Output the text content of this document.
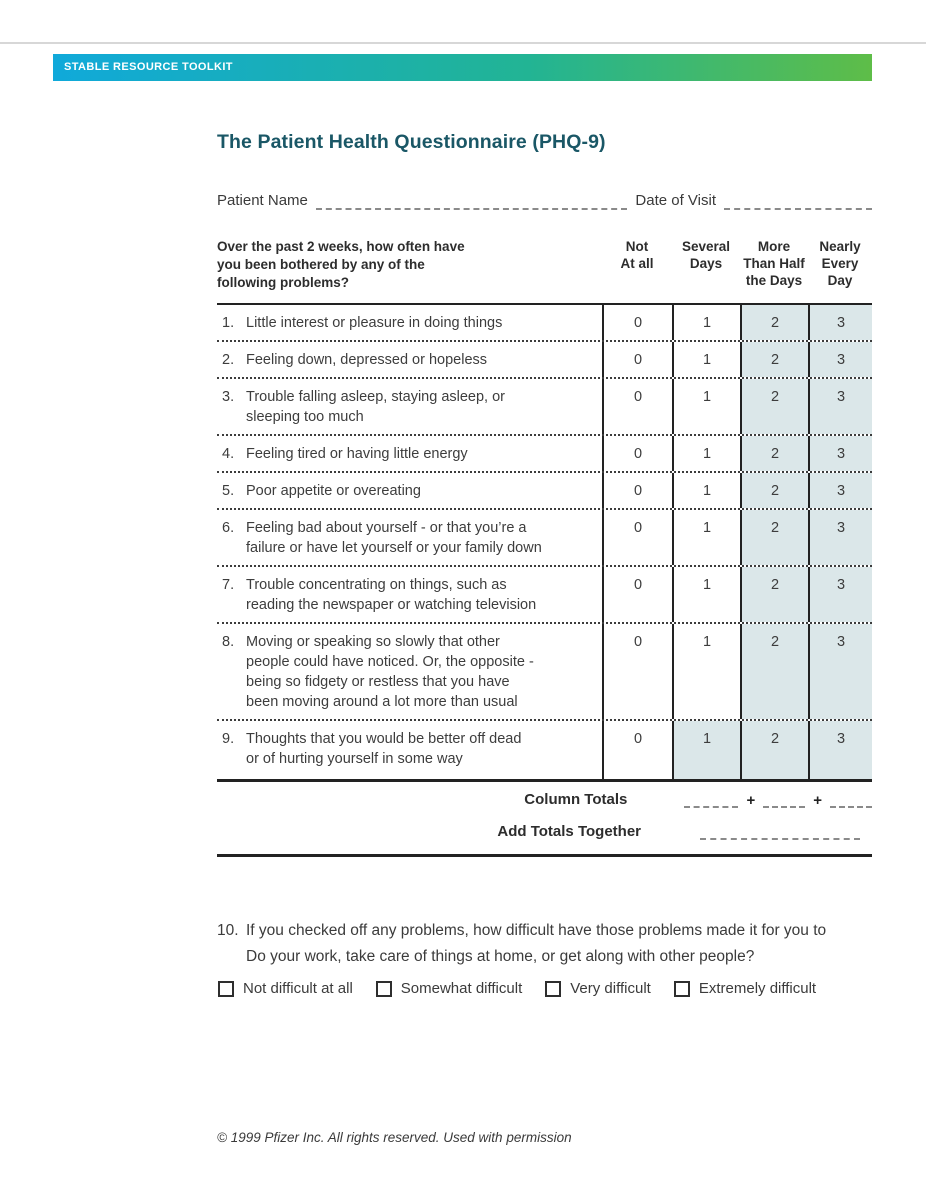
STABLE RESOURCE TOOLKIT
The Patient Health Questionnaire (PHQ-9)
Patient Name	Date of Visit
Over the past 2 weeks, how often have
you been bothered by any of the
following problems?
Not
At all
Several
Days
More
Than Half
the Days
Nearly
Every
Day
1. Little interest or pleasure in doing things	0	1	2	3
2. Feeling down, depressed or hopeless	0	1	2	3
3. Trouble falling asleep, staying asleep, or
sleeping too much
0	1	2	3
4. Feeling tired or having little energy	0	1	2	3
5. Poor appetite or overeating	0	1	2	3
6. Feeling bad about yourself - or that you’re a
failure or have let yourself or your family down
0	1	2	3
7. Trouble concentrating on things, such as
reading the newspaper or watching television
0	1	2	3
8. Moving or speaking so slowly that other
people could have noticed. Or, the opposite -
being so fidgety or restless that you have
been moving around a lot more than usual
0	1	2	3
9. Thoughts that you would be better off dead
or of hurting yourself in some way
0	1	2	3
Column Totals	+	+
Add Totals Together
10. If you checked off any problems, how difficult have those problems made it for you to
Do your work, take care of things at home, or get along with other people?
Not difficult at all	Somewhat difficult	Very difficult	Extremely difficult
© 1999 Pfizer Inc. All rights reserved. Used with permission
